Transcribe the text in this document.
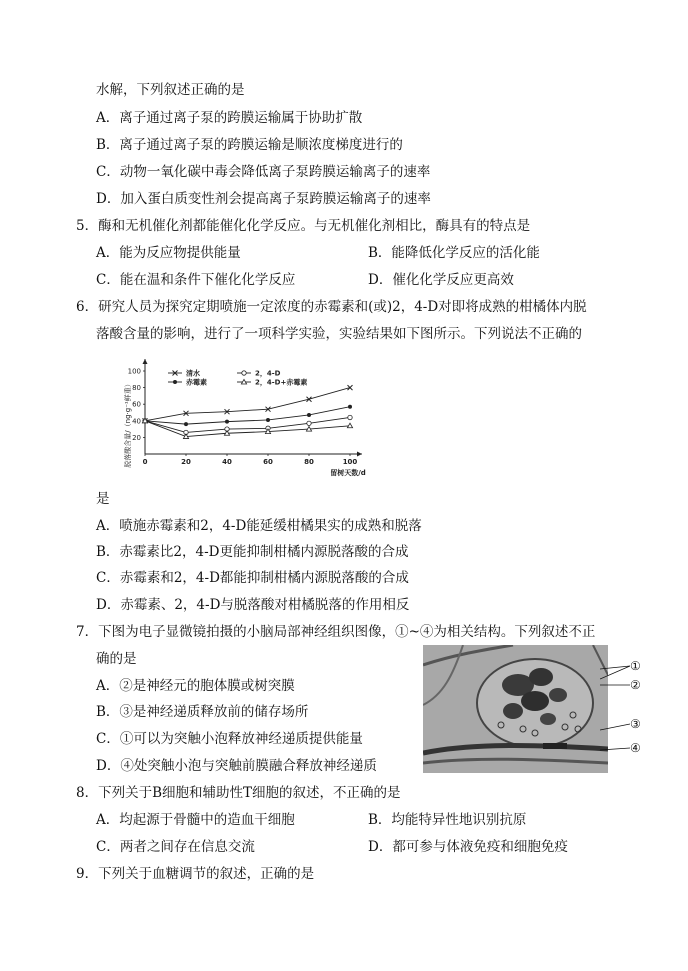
水解，下列叙述正确的是
A．离子通过离子泵的跨膜运输属于协助扩散
B．离子通过离子泵的跨膜运输是顺浓度梯度进行的
C．动物一氧化碳中毒会降低离子泵跨膜运输离子的速率
D．加入蛋白质变性剂会提高离子泵跨膜运输离子的速率
5．酶和无机催化剂都能催化化学反应。与无机催化剂相比，酶具有的特点是
A．能为反应物提供能量	B．能降低化学反应的活化能
C．能在温和条件下催化化学反应	D．催化化学反应更高效
6．研究人员为探究定期喷施一定浓度的赤霉素和(或)2，4-D对即将成熟的柑橘体内脱
落酸含量的影响，进行了一项科学实验，实验结果如下图所示。下列说法不正确的
脱落酸含量/（ng·g⁻¹鲜重）
留树天数/d
0	20	40	60	80	100
20
40
60
80
100	清水
赤霉素
2，4-D
2，4-D+赤霉素
是
A．喷施赤霉素和2，4-D能延缓柑橘果实的成熟和脱落
B．赤霉素比2，4-D更能抑制柑橘内源脱落酸的合成
C．赤霉素和2，4-D都能抑制柑橘内源脱落酸的合成
D．赤霉素、2，4-D与脱落酸对柑橘脱落的作用相反
7．下图为电子显微镜拍摄的小脑局部神经组织图像，①~④为相关结构。下列叙述不正
确的是
A．②是神经元的胞体膜或树突膜
B．③是神经递质释放前的储存场所
C．①可以为突触小泡释放神经递质提供能量
D．④处突触小泡与突触前膜融合释放神经递质
①
②
③
④
8．下列关于B细胞和辅助性T细胞的叙述，不正确的是
A．均起源于骨髓中的造血干细胞	B．均能特异性地识别抗原
C．两者之间存在信息交流	D．都可参与体液免疫和细胞免疫
9．下列关于血糖调节的叙述，正确的是
